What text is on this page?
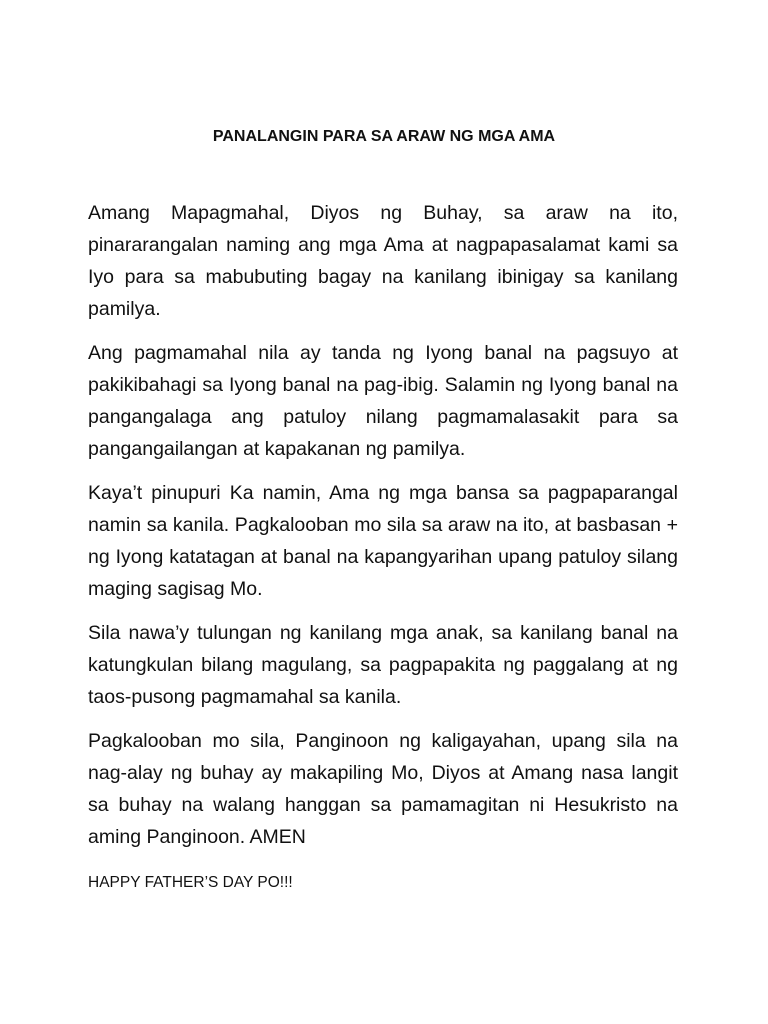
PANALANGIN PARA SA ARAW NG MGA AMA

Amang Mapagmahal, Diyos ng Buhay, sa araw na ito, pinararangalan naming ang mga Ama at nagpapasalamat kami sa Iyo para sa mabubuting bagay na kanilang ibinigay sa kanilang pamilya.

Ang pagmamahal nila ay tanda ng Iyong banal na pagsuyo at pakikibahagi sa Iyong banal na pag-ibig. Salamin ng Iyong banal na pangangalaga ang patuloy nilang pagmamalasakit para sa pangangailangan at kapakanan ng pamilya.

Kaya’t pinupuri Ka namin, Ama ng mga bansa sa pagpaparangal namin sa kanila. Pagkalooban mo sila sa araw na ito, at basbasan + ng Iyong katatagan at banal na kapangyarihan upang patuloy silang maging sagisag Mo.

Sila nawa’y tulungan ng kanilang mga anak, sa kanilang banal na katungkulan bilang magulang, sa pagpapakita ng paggalang at ng taos-pusong pagmamahal sa kanila.

Pagkalooban mo sila, Panginoon ng kaligayahan, upang sila na nag-alay ng buhay ay makapiling Mo, Diyos at Amang nasa langit sa buhay na walang hanggan sa pamamagitan ni Hesukristo na aming Panginoon. AMEN

HAPPY FATHER’S DAY PO!!!
